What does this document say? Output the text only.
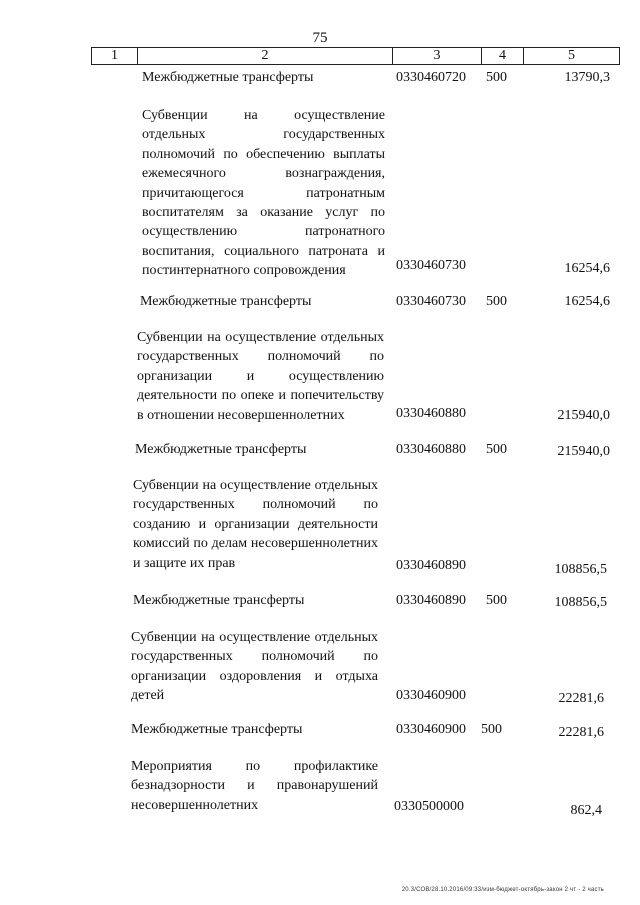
75
1	2	3	4	5
Межбюджетные трансферты	0330460720 500	13790,3
Субвенции на осуществление отдельных государственных полномочий по обеспечению выплаты ежемесячного вознаграждения, причитающегося патронатным воспитателям за оказание услуг по осуществлению патронатного воспитания, социального патроната и постинтернатного сопровождения	0330460730	16254,6
Межбюджетные трансферты	0330460730 500	16254,6
Субвенции на осуществление отдельных государственных полномочий по организации и осуществлению деятельности по опеке и попечительству в отношении несовершеннолетних	0330460880	215940,0
Межбюджетные трансферты	0330460880 500	215940,0
Субвенции на осуществление отдельных государственных полномочий по созданию и организации деятельности комиссий по делам несовершеннолетних и защите их прав	0330460890	108856,5
Межбюджетные трансферты	0330460890 500	108856,5
Субвенции на осуществление отдельных государственных полномочий по организации оздоровления и отдыха детей	0330460900	22281,6
Межбюджетные трансферты	0330460900 500	22281,6
Мероприятия по профилактике безнадзорности и правонарушений несовершеннолетних	0330500000	862,4
20.3/СОВ/28.10.2016/09:33/изм-бюджет-октябрь-закон 2 чт - 2 часть
